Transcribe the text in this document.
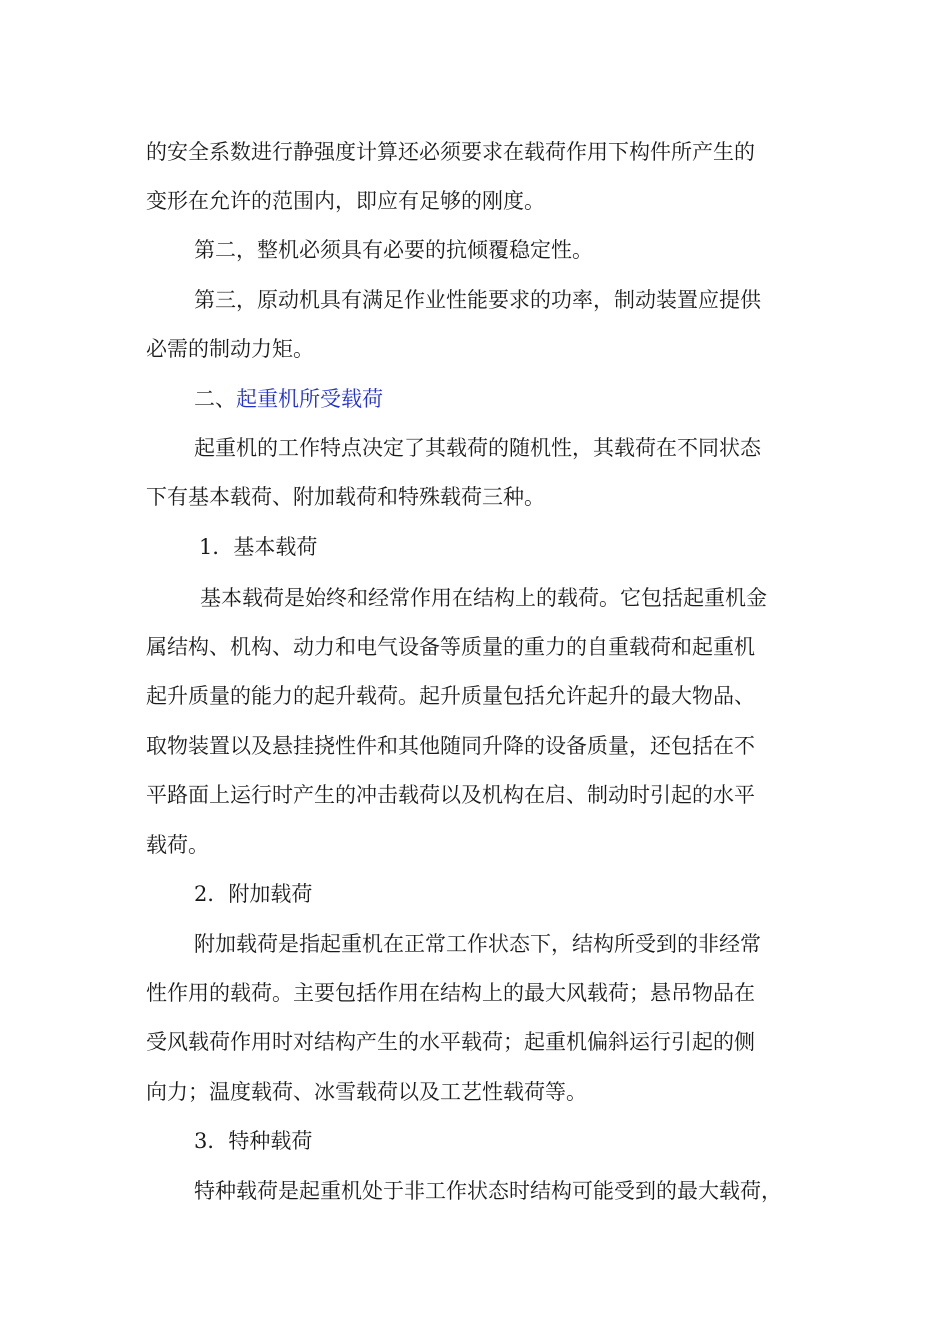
的安全系数进行静强度计算还必须要求在载荷作用下构件所产生的
变形在允许的范围内，即应有足够的刚度。
第二，整机必须具有必要的抗倾覆稳定性。
第三，原动机具有满足作业性能要求的功率，制动装置应提供
必需的制动力矩。
二、起重机所受载荷
起重机的工作特点决定了其载荷的随机性，其载荷在不同状态
下有基本载荷、附加载荷和特殊载荷三种。
1．基本载荷
基本载荷是始终和经常作用在结构上的载荷。它包括起重机金
属结构、机构、动力和电气设备等质量的重力的自重载荷和起重机
起升质量的能力的起升载荷。起升质量包括允许起升的最大物品、
取物装置以及悬挂挠性件和其他随同升降的设备质量，还包括在不
平路面上运行时产生的冲击载荷以及机构在启、制动时引起的水平
载荷。
2．附加载荷
附加载荷是指起重机在正常工作状态下，结构所受到的非经常
性作用的载荷。主要包括作用在结构上的最大风载荷；悬吊物品在
受风载荷作用时对结构产生的水平载荷；起重机偏斜运行引起的侧
向力；温度载荷、冰雪载荷以及工艺性载荷等。
3．特种载荷
特种载荷是起重机处于非工作状态时结构可能受到的最大载荷，
